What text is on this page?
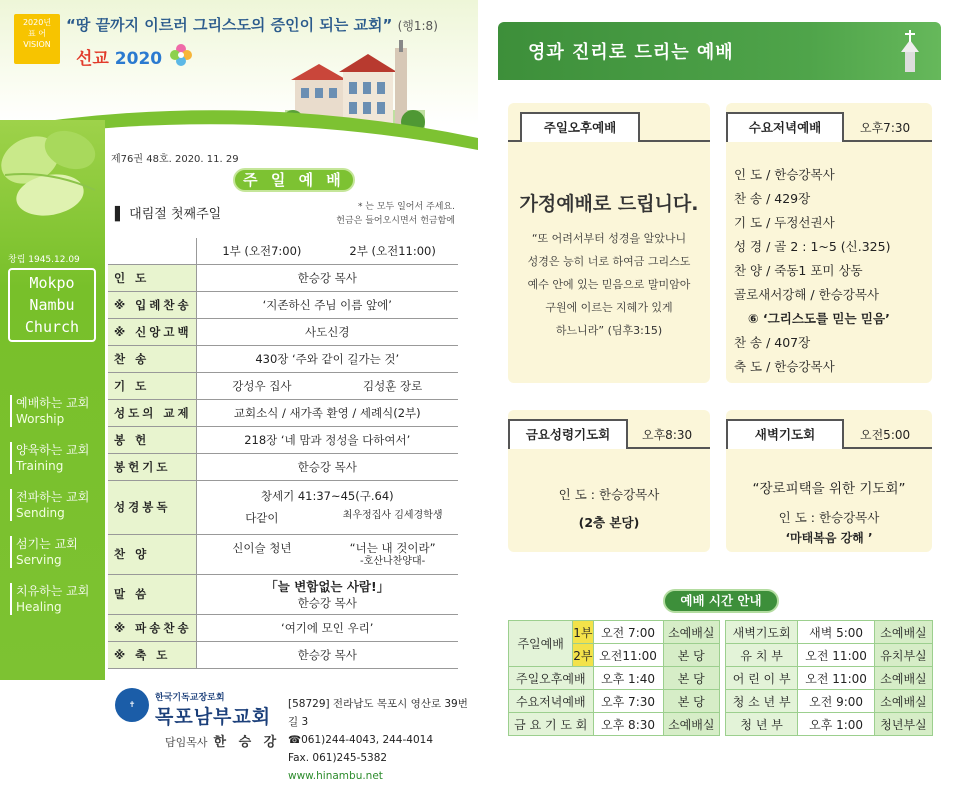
2020년
표 어
VISION
“땅 끝까지 이르러 그리스도의 증인이 되는 교회” (행1:8)
선교 2020
창립 1945.12.09
Mokpo
Nambu
Church
예배하는 교회
Worship
양육하는 교회
Training
전파하는 교회
Sending
섬기는 교회
Serving
치유하는 교회
Healing
제76권 48호. 2020. 11. 29
주 일 예 배
▌ 대림절 첫째주일	* 는 모두 일어서 주세요.
헌금은 들어오시면서 헌금함에

	1부 (오전7:00) 2부 (오전11:00)

인 도	한승강 목사
※ 입례찬송	‘지존하신 주님 이름 앞에’
※ 신앙고백	사도신경
찬 송	430장 ‘주와 같이 길가는 것’
기 도	강성우 집사 김성훈 장로

성도의 교제	교회소식 / 새가족 환영 / 세례식(2부)
봉 헌	218장 ‘네 맘과 정성을 다하여서’
봉헌기도	한승강 목사
성경봉독	창세기 41:37~45(구.64)
다같이 최우정집사 김세경학생

찬 양	신이슬 청년 “너는 내 것이라”
-호산나찬양대-

말 씀	「늘 변함없는 사람!」
한승강 목사

※ 파송찬송	‘여기에 모인 우리’
※ 축 도	한승강 목사
✝
한국기독교장로회
목포남부교회
담임목사 한 승 강
[58729] 전라남도 목포시 영산로 39번길 3
☎061)244-4043, 244-4014
Fax. 061)245-5382 www.hinambu.net
영과 진리로 드리는 예배
주일오후예배
가정예배로 드립니다.
“또 어려서부터 성경을 알았나니
성경은 능히 너로 하여금 그리스도
예수 안에 있는 믿음으로 말미암아
구원에 이르는 지혜가 있게
하느니라” (딤후3:15)
수요저녁예배	오후7:30
인 도 / 한승강목사
찬 송 / 429장
기 도 / 두정선권사
성 경 / 골 2 : 1~5 (신.325)
찬 양 / 죽동1 포미 상동
골로새서강해 / 한승강목사
⑥ ‘그리스도를 믿는 믿음’
찬 송 / 407장
축 도 / 한승강목사
금요성령기도회	오후8:30
인 도 : 한승강목사
(2층 본당)
새벽기도회	오전5:00
“장로피택을 위한 기도회”
인 도 : 한승강목사
‘마태복음 강해 ’
예배 시간 안내
주일예배	1부	오전 7:00	소예배실
	2부	오전11:00	본 당
주일오후예배		오후 1:40	본 당
수요저녁예배		오후 7:30	본 당
금 요 기 도 회		오후 8:30	소예배실
새벽기도회	새벽 5:00	소예배실
유 치 부	오전 11:00	유치부실
어 린 이 부	오전 11:00	소예배실
청 소 년 부	오전 9:00	소예배실
청 년 부	오후 1:00	청년부실
